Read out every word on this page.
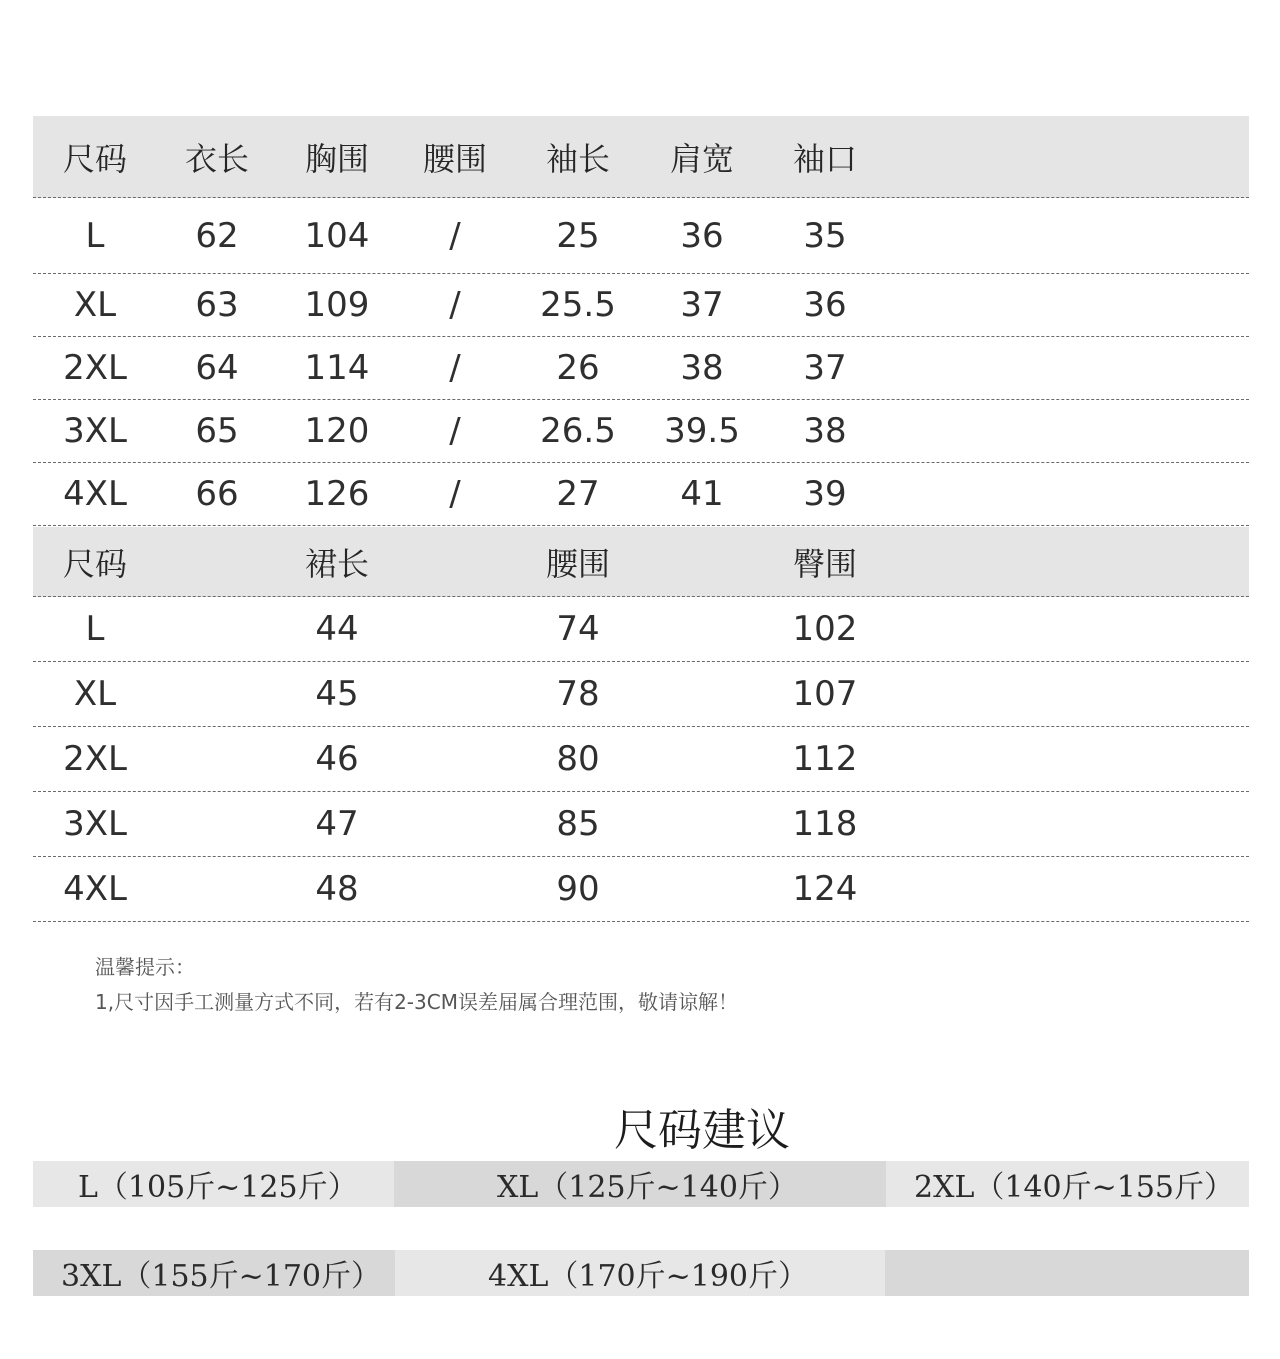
尺码	衣长	胸围	腰围	袖长	肩宽	袖口
L	62	104	/	25	36	35
XL	63	109	/	25.5	37	36
2XL	64	114	/	26	38	37
3XL	65	120	/	26.5	39.5	38
4XL	66	126	/	27	41	39
尺码	裙长	腰围	臀围
L	44	74	102
XL	45	78	107
2XL	46	80	112
3XL	47	85	118
4XL	48	90	124
温馨提示：
1,尺寸因手工测量方式不同，若有2-3CM误差届属合理范围，敬请谅解！
尺码建议
L（105斤~125斤）	XL（125斤~140斤）	2XL（140斤~155斤）
3XL（155斤~170斤）	4XL（170斤~190斤）
